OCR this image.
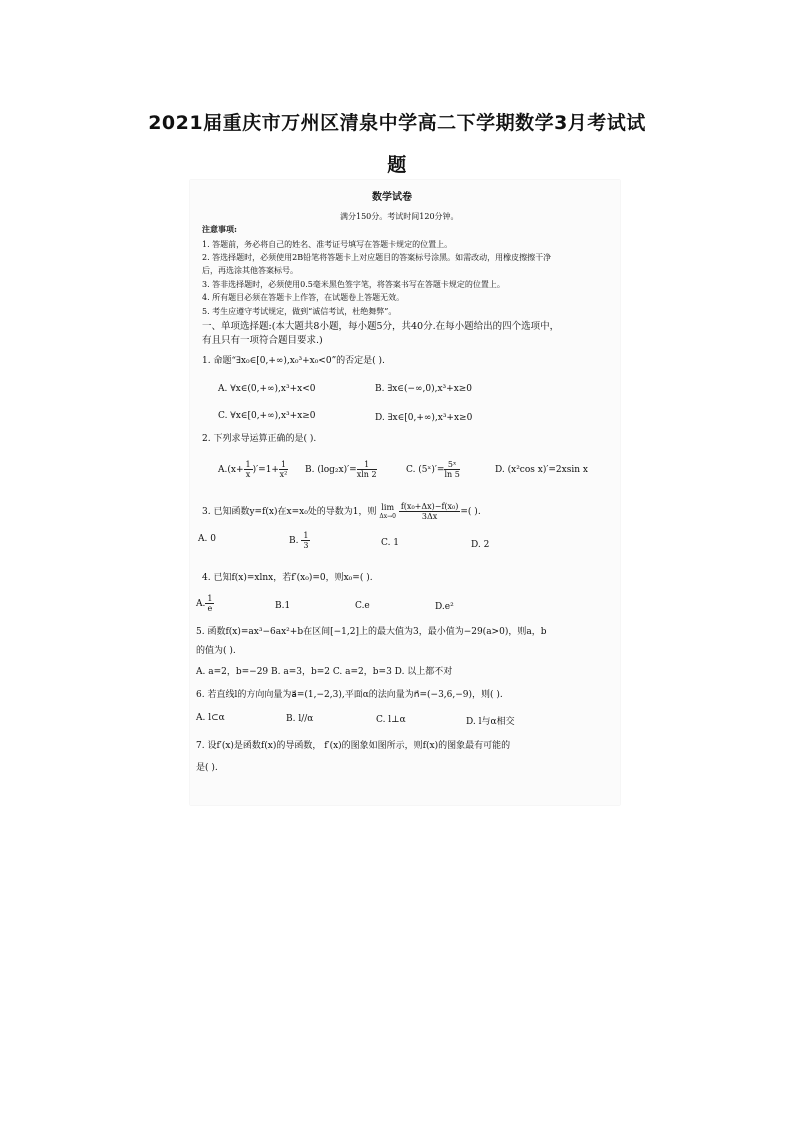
2021届重庆市万州区清泉中学高二下学期数学3月考试试
题
数学试卷
满分150分。考试时间120分钟。
注意事项:
1. 答题前，务必将自己的姓名、准考证号填写在答题卡规定的位置上。
2. 答选择题时，必须使用2B铅笔将答题卡上对应题目的答案标号涂黑。如需改动，用橡皮擦擦干净
后，再选涂其他答案标号。
3. 答非选择题时，必须使用0.5毫米黑色签字笔，将答案书写在答题卡规定的位置上。
4. 所有题目必须在答题卡上作答，在试题卷上答题无效。
5. 考生应遵守考试规定，做到“诚信考试，杜绝舞弊”。
一、单项选择题:(本大题共8小题，每小题5分，共40分.在每小题给出的四个选项中，
有且只有一项符合题目要求.)
1. 命题“∃x₀∈[0,+∞),x₀³+x₀<0”的否定是( ).
A. ∀x∈(0,+∞),x³+x<0	B. ∃x∈(−∞,0),x³+x≥0
C. ∀x∈[0,+∞),x³+x≥0	D. ∃x∈[0,+∞),x³+x≥0
2. 下列求导运算正确的是( ).
$A.(x+ \frac{1}{x} )'=1+ \frac{1}{\text{x²}} B$. $(\log_2x)'= \frac{1}{xln 2}$	C. (5ˣ)′= $\frac{\text{5ˣ}}{\ln 5}$	D. (x²cos x)′=2xsin x
3. 已知函数y=f(x)在x=x₀处的导数为1，则 lim
Δx→0
$\frac{\text{f(x₀+Δx)−f(x₀)}}{3\Delta x}$ =( ).
A. 0	B. $\frac{1}{3}$	C. 1	D. 2
4. 已知f(x)=xlnx，若f′(x₀)=0，则x₀=( ).
A. $\frac{1}{e}$	B.1	C.e	D.e²
5. 函数f(x)=ax³−6ax²+b在区间[−1,2]上的最大值为3，最小值为−29(a>0)，则a，b
的值为( ).
A. a=2，b=−29 B. a=3，b=2 C. a=2，b=3 D. 以上都不对
6. 若直线l的方向向量为a⃗=(1,−2,3),平面α的法向量为n⃗=(−3,6,−9)，则( ).
A. l⊂α	B. l//α	C. l⊥α	D. l与α相交
7. 设f′(x)是函数f(x)的导函数， f′(x)的图象如图所示，则f(x)的图象最有可能的
是( ).
